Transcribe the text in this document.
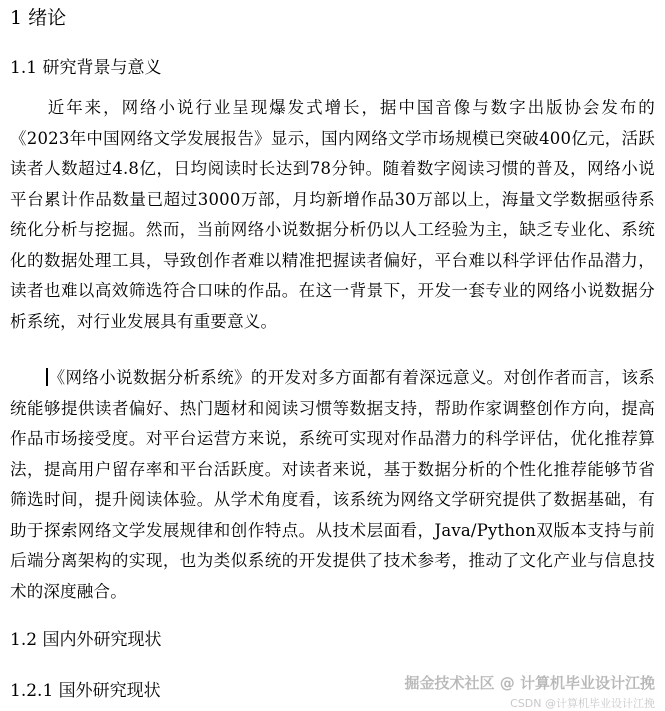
1 绪论
1.1 研究背景与意义
近年来，网络小说行业呈现爆发式增长，据中国音像与数字出版协会发布的《2023年中国网络文学发展报告》显示，国内网络文学市场规模已突破400亿元，活跃读者人数超过4.8亿，日均阅读时长达到78分钟。随着数字阅读习惯的普及，网络小说平台累计作品数量已超过3000万部，月均新增作品30万部以上，海量文学数据亟待系统化分析与挖掘。然而，当前网络小说数据分析仍以人工经验为主，缺乏专业化、系统化的数据处理工具，导致创作者难以精准把握读者偏好，平台难以科学评估作品潜力，读者也难以高效筛选符合口味的作品。在这一背景下，开发一套专业的网络小说数据分析系统，对行业发展具有重要意义。
《网络小说数据分析系统》的开发对多方面都有着深远意义。对创作者而言，该系统能够提供读者偏好、热门题材和阅读习惯等数据支持，帮助作家调整创作方向，提高作品市场接受度。对平台运营方来说，系统可实现对作品潜力的科学评估，优化推荐算法，提高用户留存率和平台活跃度。对读者来说，基于数据分析的个性化推荐能够节省筛选时间，提升阅读体验。从学术角度看，该系统为网络文学研究提供了数据基础，有助于探索网络文学发展规律和创作特点。从技术层面看，Java/Python双版本支持与前后端分离架构的实现，也为类似系统的开发提供了技术参考，推动了文化产业与信息技术的深度融合。
1.2 国内外研究现状
1.2.1 国外研究现状	掘金技术社区 @ 计算机毕业设计江挽
CSDN @计算机毕业设计江挽
